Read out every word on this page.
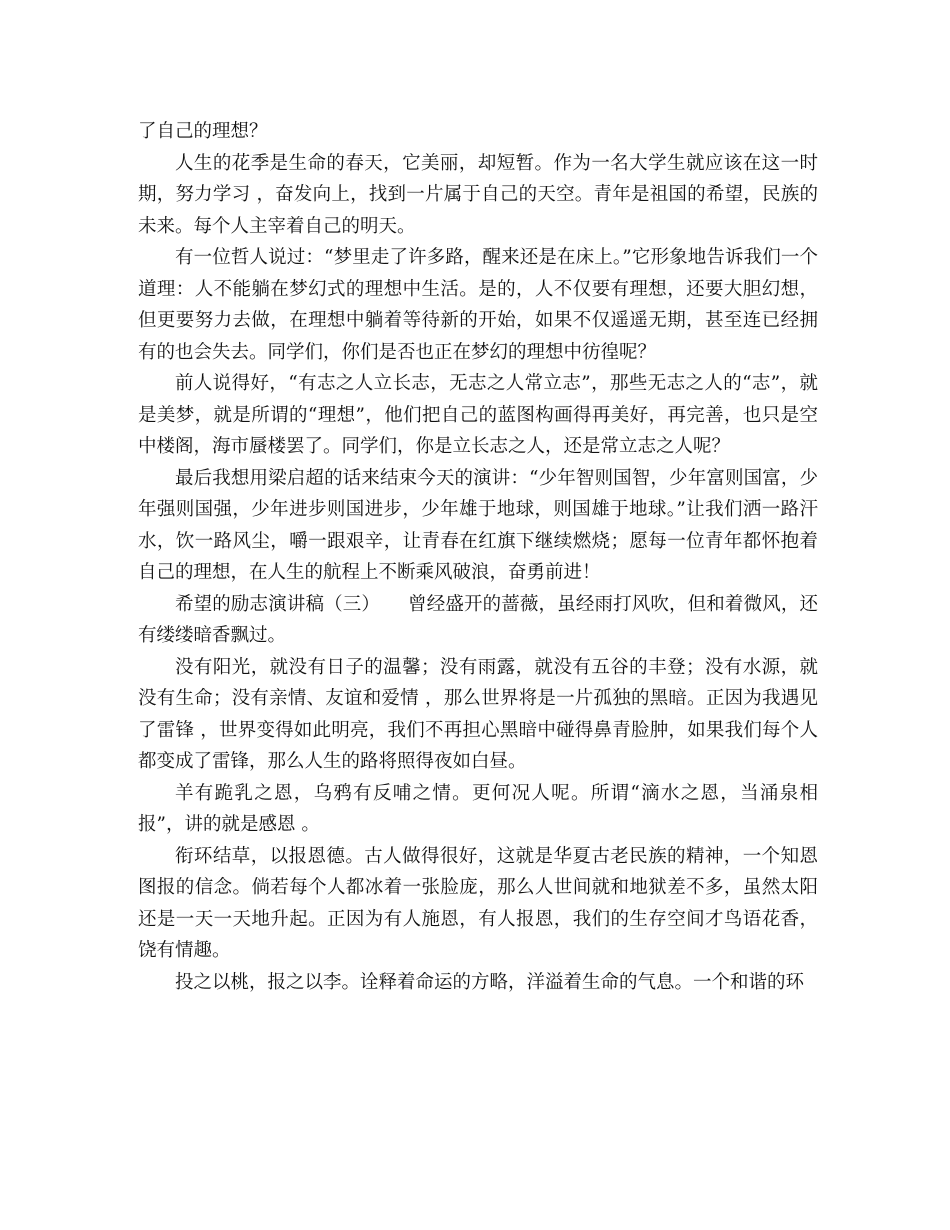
了自己的理想？

人生的花季是生命的春天，它美丽，却短暂。作为一名大学生就应该在这一时期，努力学习 ，奋发向上，找到一片属于自己的天空。青年是祖国的希望，民族的未来。每个人主宰着自己的明天。

有一位哲人说过：“梦里走了许多路，醒来还是在床上。”它形象地告诉我们一个道理：人不能躺在梦幻式的理想中生活。是的，人不仅要有理想，还要大胆幻想，但更要努力去做，在理想中躺着等待新的开始，如果不仅遥遥无期，甚至连已经拥有的也会失去。同学们，你们是否也正在梦幻的理想中彷徨呢？

前人说得好，“有志之人立长志，无志之人常立志”，那些无志之人的“志”，就是美梦，就是所谓的“理想”，他们把自己的蓝图构画得再美好，再完善，也只是空中楼阁，海市蜃楼罢了。同学们，你是立长志之人，还是常立志之人呢？

最后我想用梁启超的话来结束今天的演讲：“少年智则国智，少年富则国富，少年强则国强，少年进步则国进步，少年雄于地球，则国雄于地球。”让我们洒一路汗水，饮一路风尘，嚼一跟艰辛，让青春在红旗下继续燃烧；愿每一位青年都怀抱着自己的理想，在人生的航程上不断乘风破浪，奋勇前进！

希望的励志演讲稿（三）　　曾经盛开的蔷薇，虽经雨打风吹，但和着微风，还有缕缕暗香飘过。

没有阳光，就没有日子的温馨；没有雨露，就没有五谷的丰登；没有水源，就没有生命；没有亲情、友谊和爱情 ，那么世界将是一片孤独的黑暗。正因为我遇见了雷锋 ，世界变得如此明亮，我们不再担心黑暗中碰得鼻青脸肿，如果我们每个人都变成了雷锋，那么人生的路将照得夜如白昼。

羊有跪乳之恩，乌鸦有反哺之情。更何况人呢。所谓“滴水之恩，当涌泉相报”，讲的就是感恩 。

衔环结草，以报恩德。古人做得很好，这就是华夏古老民族的精神，一个知恩图报的信念。倘若每个人都冰着一张脸庞，那么人世间就和地狱差不多，虽然太阳还是一天一天地升起。正因为有人施恩，有人报恩，我们的生存空间才鸟语花香，饶有情趣。

投之以桃，报之以李。诠释着命运的方略，洋溢着生命的气息。一个和谐的环
